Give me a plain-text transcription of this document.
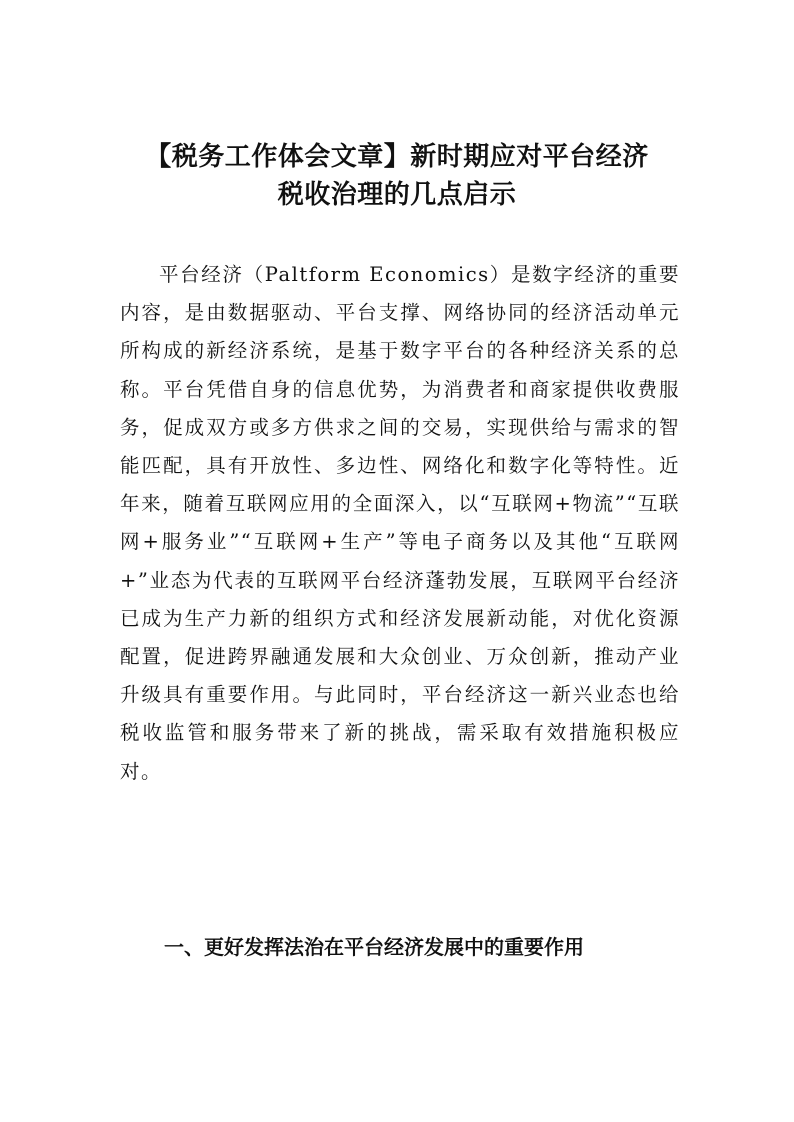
【税务工作体会文章】新时期应对平台经济
税收治理的几点启示

平台经济（Paltform Economics）是数字经济的重要内容，是由数据驱动、平台支撑、网络协同的经济活动单元所构成的新经济系统，是基于数字平台的各种经济关系的总称。平台凭借自身的信息优势，为消费者和商家提供收费服务，促成双方或多方供求之间的交易，实现供给与需求的智能匹配，具有开放性、多边性、网络化和数字化等特性。近年来，随着互联网应用的全面深入，以“互联网+物流”“互联网+服务业”“互联网+生产”等电子商务以及其他“互联网+”业态为代表的互联网平台经济蓬勃发展，互联网平台经济已成为生产力新的组织方式和经济发展新动能，对优化资源配置，促进跨界融通发展和大众创业、万众创新，推动产业升级具有重要作用。与此同时，平台经济这一新兴业态也给税收监管和服务带来了新的挑战，需采取有效措施积极应对。

一、更好发挥法治在平台经济发展中的重要作用
